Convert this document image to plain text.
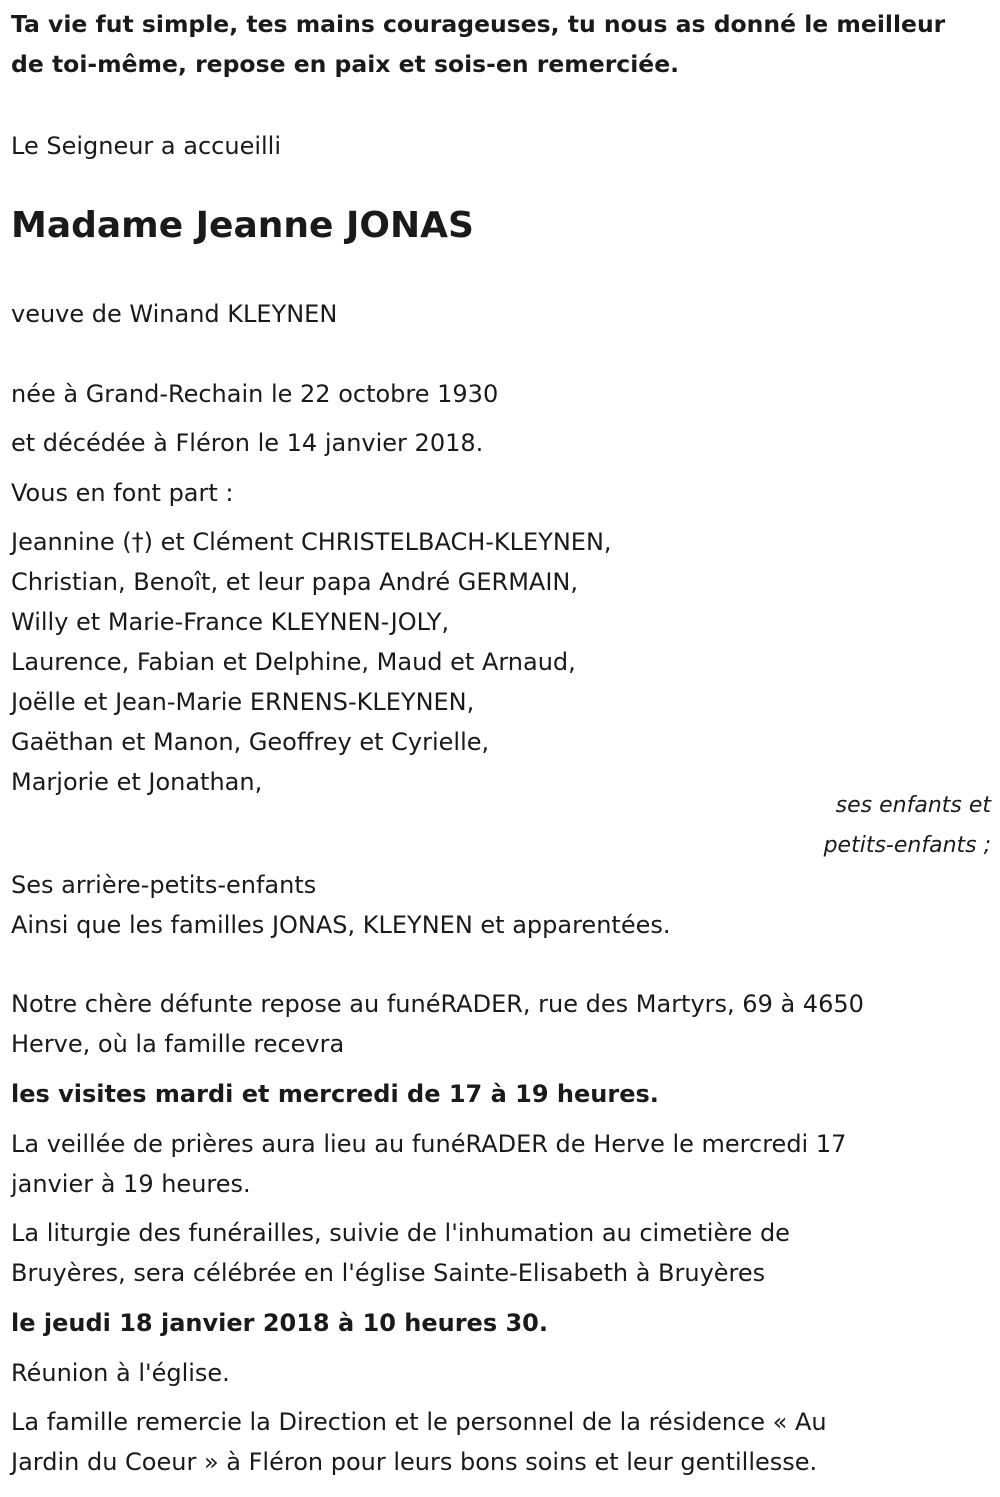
Ta vie fut simple, tes mains courageuses, tu nous as donné le meilleur
de toi-même, repose en paix et sois-en remerciée.

Le Seigneur a accueilli

Madame Jeanne JONAS

veuve de Winand KLEYNEN

née à Grand-Rechain le 22 octobre 1930

et décédée à Fléron le 14 janvier 2018.

Vous en font part :

Jeannine (†) et Clément CHRISTELBACH-KLEYNEN,
Christian, Benoît, et leur papa André GERMAIN,
Willy et Marie-France KLEYNEN-JOLY,
Laurence, Fabian et Delphine, Maud et Arnaud,
Joëlle et Jean-Marie ERNENS-KLEYNEN,
Gaëthan et Manon, Geoffrey et Cyrielle,
Marjorie et Jonathan,
ses enfants et
petits-enfants ;
Ses arrière-petits-enfants
Ainsi que les familles JONAS, KLEYNEN et apparentées.
Notre chère défunte repose au funéRADER, rue des Martyrs, 69 à 4650
Herve, où la famille recevra

les visites mardi et mercredi de 17 à 19 heures.

La veillée de prières aura lieu au funéRADER de Herve le mercredi 17
janvier à 19 heures.
La liturgie des funérailles, suivie de l'inhumation au cimetière de
Bruyères, sera célébrée en l'église Sainte-Elisabeth à Bruyères

le jeudi 18 janvier 2018 à 10 heures 30.

Réunion à l'église.

La famille remercie la Direction et le personnel de la résidence « Au
Jardin du Coeur » à Fléron pour leurs bons soins et leur gentillesse.
